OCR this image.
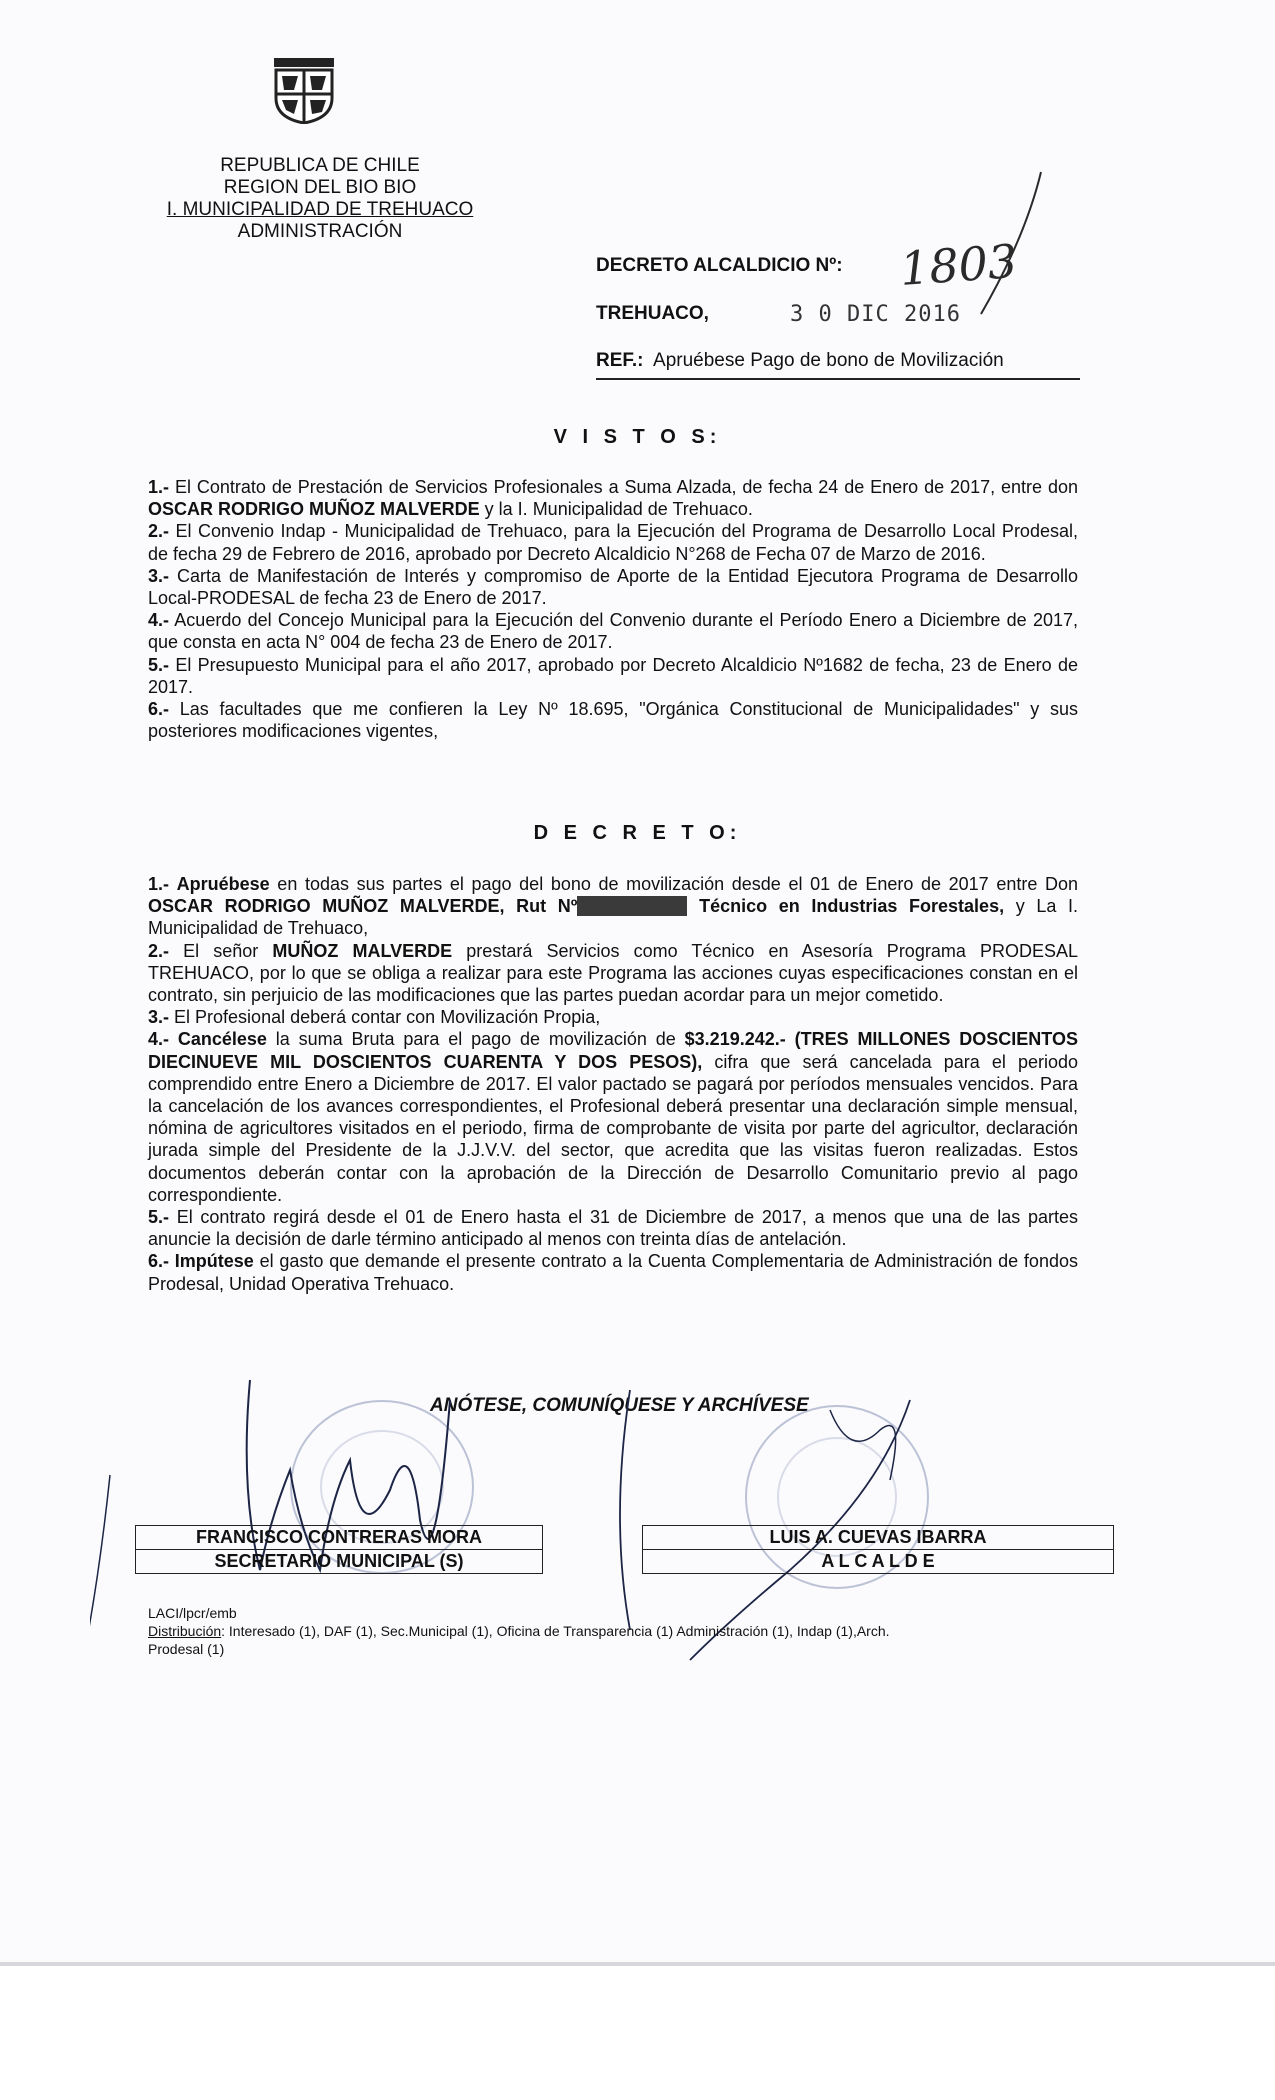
REPUBLICA DE CHILE
REGION DEL BIO BIO
I. MUNICIPALIDAD DE TREHUACO
ADMINISTRACIÓN
DECRETO ALCALDICIO Nº: 1803
TREHUACO,	3 0 DIC 2016
REF.: Apruébese Pago de bono de Movilización
V I S T O S:

1.- El Contrato de Prestación de Servicios Profesionales a Suma Alzada, de fecha 24 de Enero de 2017, entre don OSCAR RODRIGO MUÑOZ MALVERDE y la I. Municipalidad de Trehuaco.

2.- El Convenio Indap - Municipalidad de Trehuaco, para la Ejecución del Programa de Desarrollo Local Prodesal, de fecha 29 de Febrero de 2016, aprobado por Decreto Alcaldicio N°268 de Fecha 07 de Marzo de 2016.

3.- Carta de Manifestación de Interés y compromiso de Aporte de la Entidad Ejecutora Programa de Desarrollo Local-PRODESAL de fecha 23 de Enero de 2017.

4.- Acuerdo del Concejo Municipal para la Ejecución del Convenio durante el Período Enero a Diciembre de 2017, que consta en acta N° 004 de fecha 23 de Enero de 2017.

5.- El Presupuesto Municipal para el año 2017, aprobado por Decreto Alcaldicio Nº1682 de fecha, 23 de Enero de 2017.

6.- Las facultades que me confieren la Ley Nº 18.695, "Orgánica Constitucional de Municipalidades" y sus posteriores modificaciones vigentes,

D E C R E T O:

1.- Apruébese en todas sus partes el pago del bono de movilización desde el 01 de Enero de 2017 entre Don OSCAR RODRIGO MUÑOZ MALVERDE, Rut Nº 13.793.670-4 Técnico en Industrias Forestales, y La I. Municipalidad de Trehuaco,

2.- El señor MUÑOZ MALVERDE prestará Servicios como Técnico en Asesoría Programa PRODESAL TREHUACO, por lo que se obliga a realizar para este Programa las acciones cuyas especificaciones constan en el contrato, sin perjuicio de las modificaciones que las partes puedan acordar para un mejor cometido.

3.- El Profesional deberá contar con Movilización Propia,

4.- Cancélese la suma Bruta para el pago de movilización de $3.219.242.- (TRES MILLONES DOSCIENTOS DIECINUEVE MIL DOSCIENTOS CUARENTA Y DOS PESOS), cifra que será cancelada para el periodo comprendido entre Enero a Diciembre de 2017. El valor pactado se pagará por períodos mensuales vencidos. Para la cancelación de los avances correspondientes, el Profesional deberá presentar una declaración simple mensual, nómina de agricultores visitados en el periodo, firma de comprobante de visita por parte del agricultor, declaración jurada simple del Presidente de la J.J.V.V. del sector, que acredita que las visitas fueron realizadas. Estos documentos deberán contar con la aprobación de la Dirección de Desarrollo Comunitario previo al pago correspondiente.

5.- El contrato regirá desde el 01 de Enero hasta el 31 de Diciembre de 2017, a menos que una de las partes anuncie la decisión de darle término anticipado al menos con treinta días de antelación.

6.- Impútese el gasto que demande el presente contrato a la Cuenta Complementaria de Administración de fondos Prodesal, Unidad Operativa Trehuaco.

ANÓTESE, COMUNÍQUESE Y ARCHÍVESE
FRANCISCO CONTRERAS MORA
SECRETARIO MUNICIPAL (S)
LUIS A. CUEVAS IBARRA
A L C A L D E
LACI/lpcr/emb
Distribución: Interesado (1), DAF (1), Sec.Municipal (1), Oficina de Transparencia (1) Administración (1), Indap (1),Arch.
Prodesal (1)
